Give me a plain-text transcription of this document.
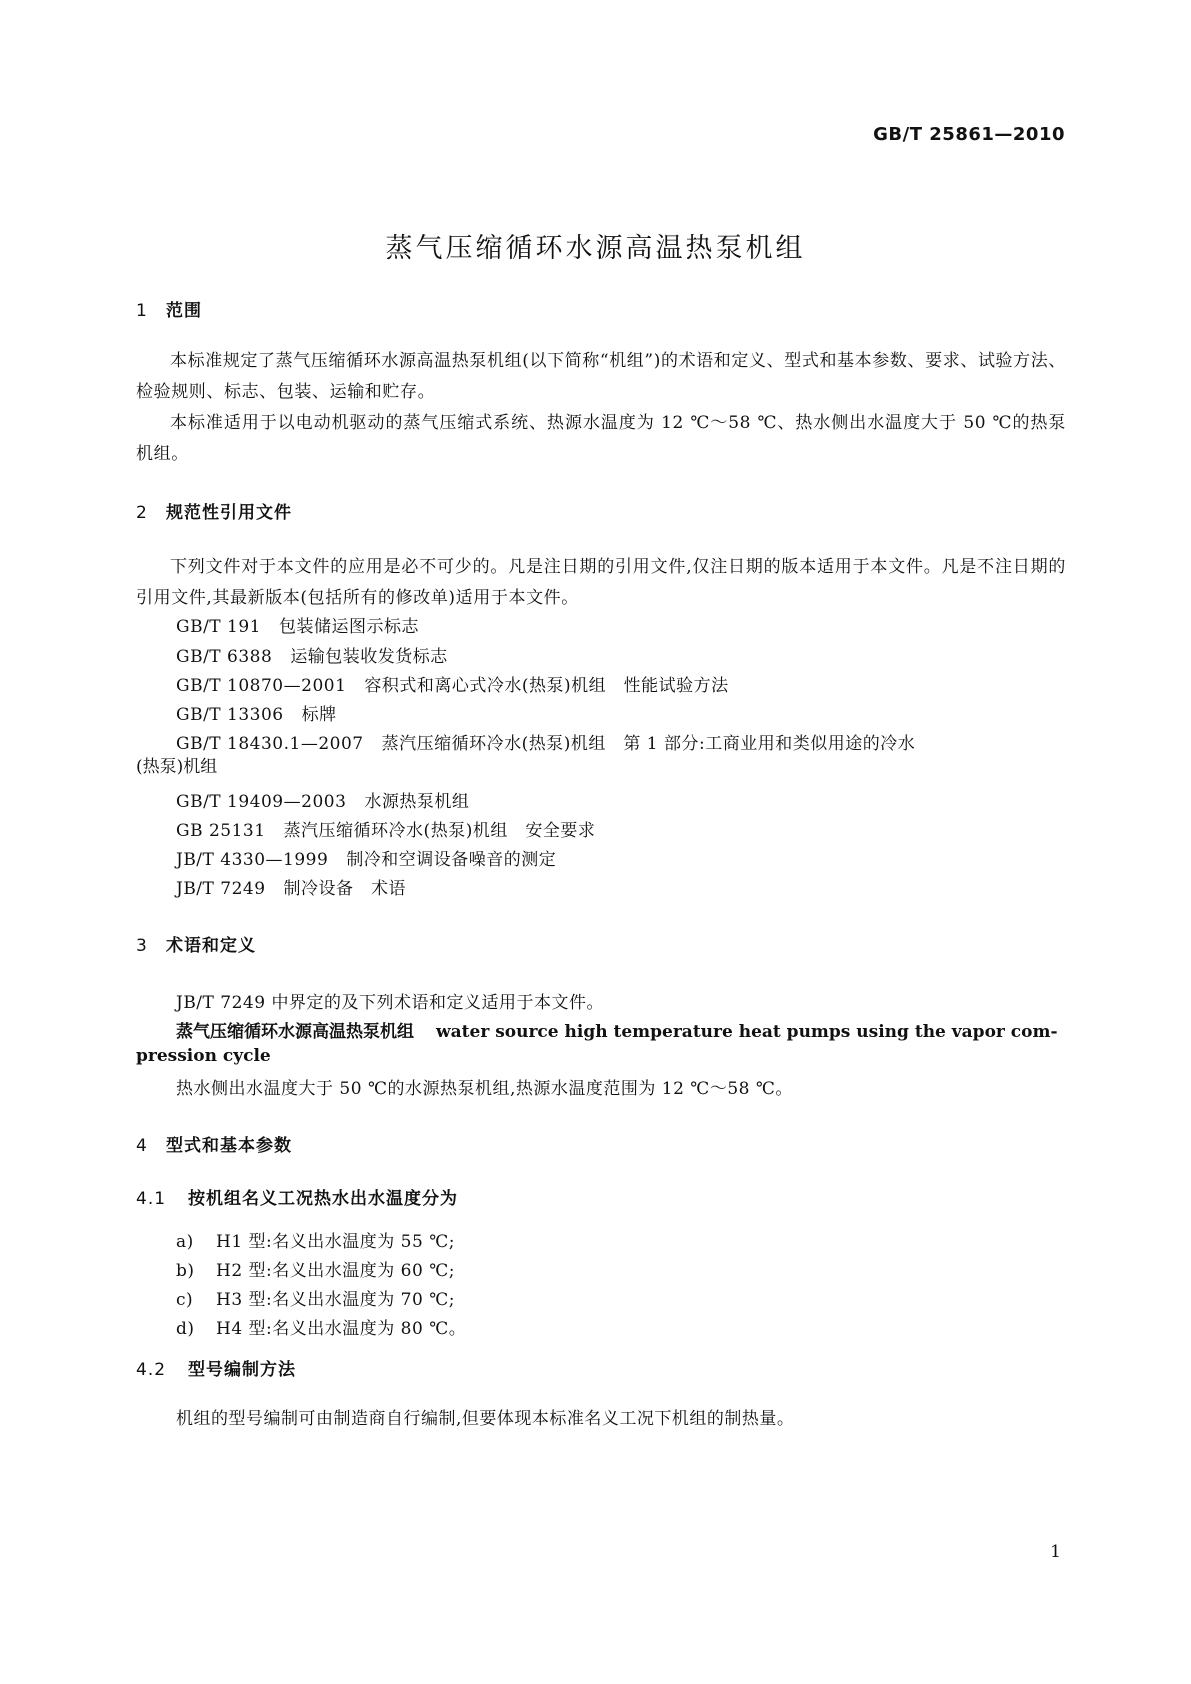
GB/T 25861—2010
蒸气压缩循环水源高温热泵机组
1 范围
本标准规定了蒸气压缩循环水源高温热泵机组(以下简称“机组”)的术语和定义、型式和基本参数、要求、试验方法、检验规则、标志、包装、运输和贮存。
本标准适用于以电动机驱动的蒸气压缩式系统、热源水温度为 12 ℃～58 ℃、热水侧出水温度大于 50 ℃的热泵机组。
2 规范性引用文件
下列文件对于本文件的应用是必不可少的。凡是注日期的引用文件,仅注日期的版本适用于本文件。凡是不注日期的引用文件,其最新版本(包括所有的修改单)适用于本文件。
GB/T 191 包装储运图示标志
GB/T 6388 运输包装收发货标志
GB/T 10870—2001 容积式和离心式冷水(热泵)机组　性能试验方法
GB/T 13306 标牌
GB/T 18430.1—2007 蒸汽压缩循环冷水(热泵)机组　第 1 部分:工商业用和类似用途的冷水
(热泵)机组
GB/T 19409—2003 水源热泵机组
GB 25131 蒸汽压缩循环冷水(热泵)机组　安全要求
JB/T 4330—1999 制冷和空调设备噪音的测定
JB/T 7249 制冷设备　术语
3 术语和定义
JB/T 7249 中界定的及下列术语和定义适用于本文件。
蒸气压缩循环水源高温热泵机组 water source high temperature heat pumps using the vapor com-
pression cycle
热水侧出水温度大于 50 ℃的水源热泵机组,热源水温度范围为 12 ℃～58 ℃。
4 型式和基本参数
4.1 按机组名义工况热水出水温度分为
a) H1 型:名义出水温度为 55 ℃;
b) H2 型:名义出水温度为 60 ℃;
c) H3 型:名义出水温度为 70 ℃;
d) H4 型:名义出水温度为 80 ℃。
4.2 型号编制方法
机组的型号编制可由制造商自行编制,但要体现本标准名义工况下机组的制热量。
1
